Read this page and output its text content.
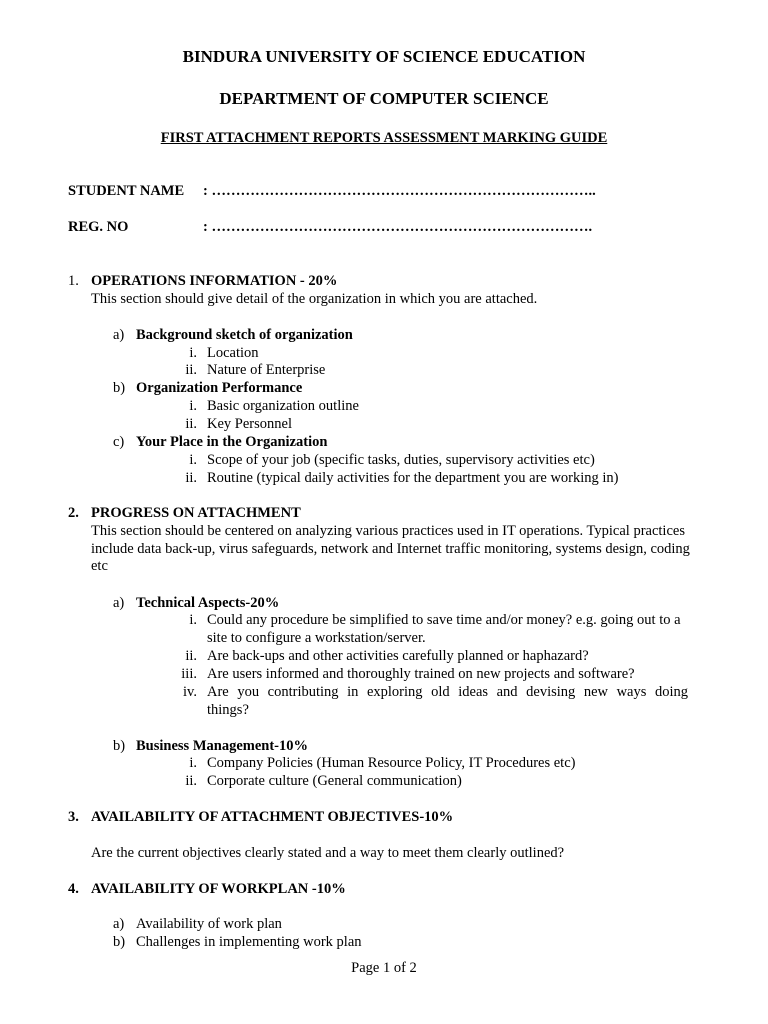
BINDURA UNIVERSITY OF SCIENCE EDUCATION
DEPARTMENT OF COMPUTER SCIENCE
FIRST ATTACHMENT REPORTS ASSESSMENT MARKING GUIDE
STUDENT NAME : ……………………………………………………………………..
REG. NO	: …………………………………………………………………….
1. OPERATIONS INFORMATION - 20%
This section should give detail of the organization in which you are attached.
a) Background sketch of organization
i. Location
ii. Nature of Enterprise
b) Organization Performance
i. Basic organization outline
ii. Key Personnel
c) Your Place in the Organization
i. Scope of your job (specific tasks, duties, supervisory activities etc)
ii. Routine (typical daily activities for the department you are working in)
2. PROGRESS ON ATTACHMENT
This section should be centered on analyzing various practices used in IT operations. Typical practices include data back-up, virus safeguards, network and Internet traffic monitoring, systems design, coding etc
a) Technical Aspects-20%
i. Could any procedure be simplified to save time and/or money? e.g. going out to a site to configure a workstation/server.
ii. Are back-ups and other activities carefully planned or haphazard?
iii. Are users informed and thoroughly trained on new projects and software?
iv. Are you contributing in exploring old ideas and devising new ways doing
things?
b) Business Management-10%
i. Company Policies (Human Resource Policy, IT Procedures etc)
ii. Corporate culture (General communication)
3. AVAILABILITY OF ATTACHMENT OBJECTIVES-10%
Are the current objectives clearly stated and a way to meet them clearly outlined?
4. AVAILABILITY OF WORKPLAN -10%
a) Availability of work plan
b) Challenges in implementing work plan
Page 1 of 2
